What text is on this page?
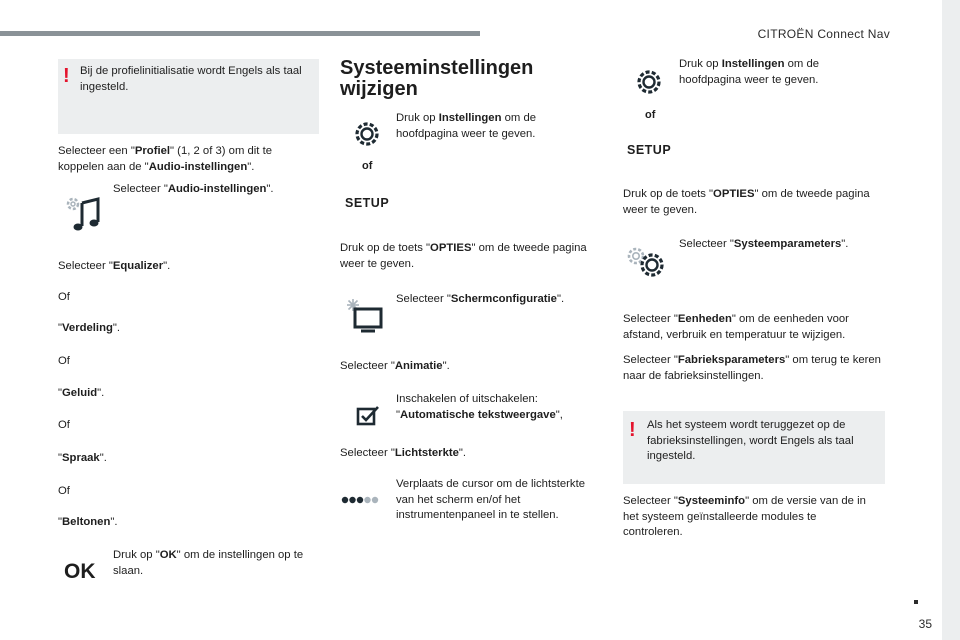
CITROËN Connect Nav
35
! Bij de profielinitialisatie wordt Engels als taal ingesteld.
Selecteer een "Profiel" (1, 2 of 3) om dit te koppelen aan de "Audio-instellingen".
Selecteer "Audio-instellingen".
Selecteer "Equalizer".
Of
"Verdeling".
Of
"Geluid".
Of
"Spraak".
Of
"Beltonen".
OK
Druk op "OK" om de instellingen op te slaan.
Systeeminstellingen wijzigen
of
SETUP
Druk op Instellingen om de hoofdpagina weer te geven.
Druk op de toets "OPTIES" om de tweede pagina weer te geven.
Selecteer "Schermconfiguratie".
Selecteer "Animatie".
Inschakelen of uitschakelen: "Automatische tekstweergave",
Selecteer "Lichtsterkte".
Verplaats de cursor om de lichtsterkte van het scherm en/of het instrumentenpaneel in te stellen.
of
SETUP
Druk op Instellingen om de hoofdpagina weer te geven.
Druk op de toets "OPTIES" om de tweede pagina weer te geven.
Selecteer "Systeemparameters".
Selecteer "Eenheden" om de eenheden voor afstand, verbruik en temperatuur te wijzigen.
Selecteer "Fabrieksparameters" om terug te keren naar de fabrieksinstellingen.
! Als het systeem wordt teruggezet op de fabrieksinstellingen, wordt Engels als taal ingesteld.
Selecteer "Systeeminfo" om de versie van de in het systeem geïnstalleerde modules te controleren.
